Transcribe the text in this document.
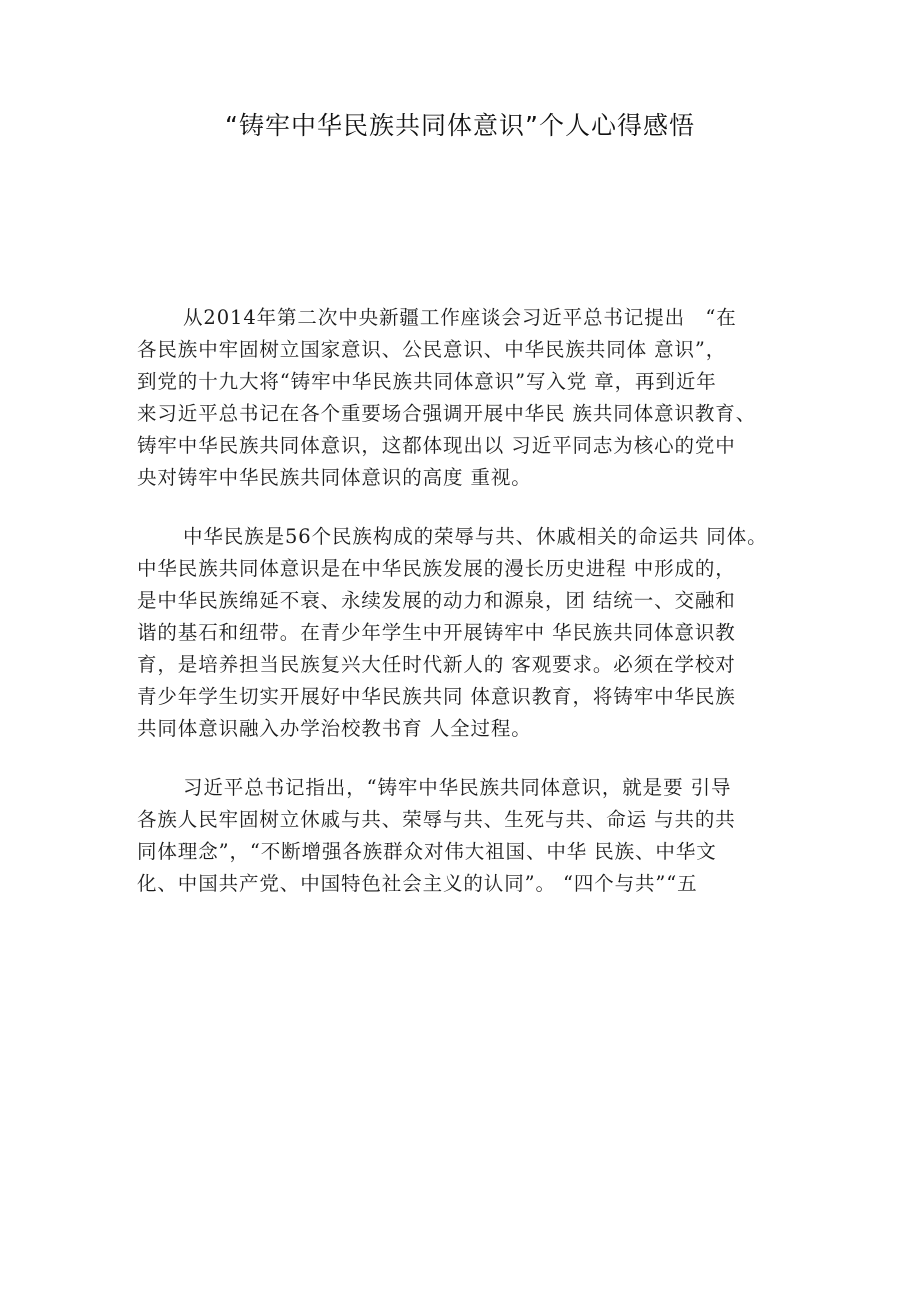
“铸牢中华民族共同体意识”个人心得感悟
从2014年第二次中央新疆工作座谈会习近平总书记提出　“在
各民族中牢固树立国家意识、公民意识、中华民族共同体 意识”，
到党的十九大将“铸牢中华民族共同体意识”写入党 章，再到近年
来习近平总书记在各个重要场合强调开展中华民 族共同体意识教育、
铸牢中华民族共同体意识，这都体现出以 习近平同志为核心的党中
央对铸牢中华民族共同体意识的高度 重视。
中华民族是56个民族构成的荣辱与共、休戚相关的命运共 同体。
中华民族共同体意识是在中华民族发展的漫长历史进程 中形成的，
是中华民族绵延不衰、永续发展的动力和源泉，团 结统一、交融和
谐的基石和纽带。在青少年学生中开展铸牢中 华民族共同体意识教
育，是培养担当民族复兴大任时代新人的 客观要求。必须在学校对
青少年学生切实开展好中华民族共同 体意识教育，将铸牢中华民族
共同体意识融入办学治校教书育 人全过程。
习近平总书记指出，“铸牢中华民族共同体意识，就是要 引导
各族人民牢固树立休戚与共、荣辱与共、生死与共、命运 与共的共
同体理念”，“不断增强各族群众对伟大祖国、中华 民族、中华文
化、中国共产党、中国特色社会主义的认同”。 “四个与共”“五
